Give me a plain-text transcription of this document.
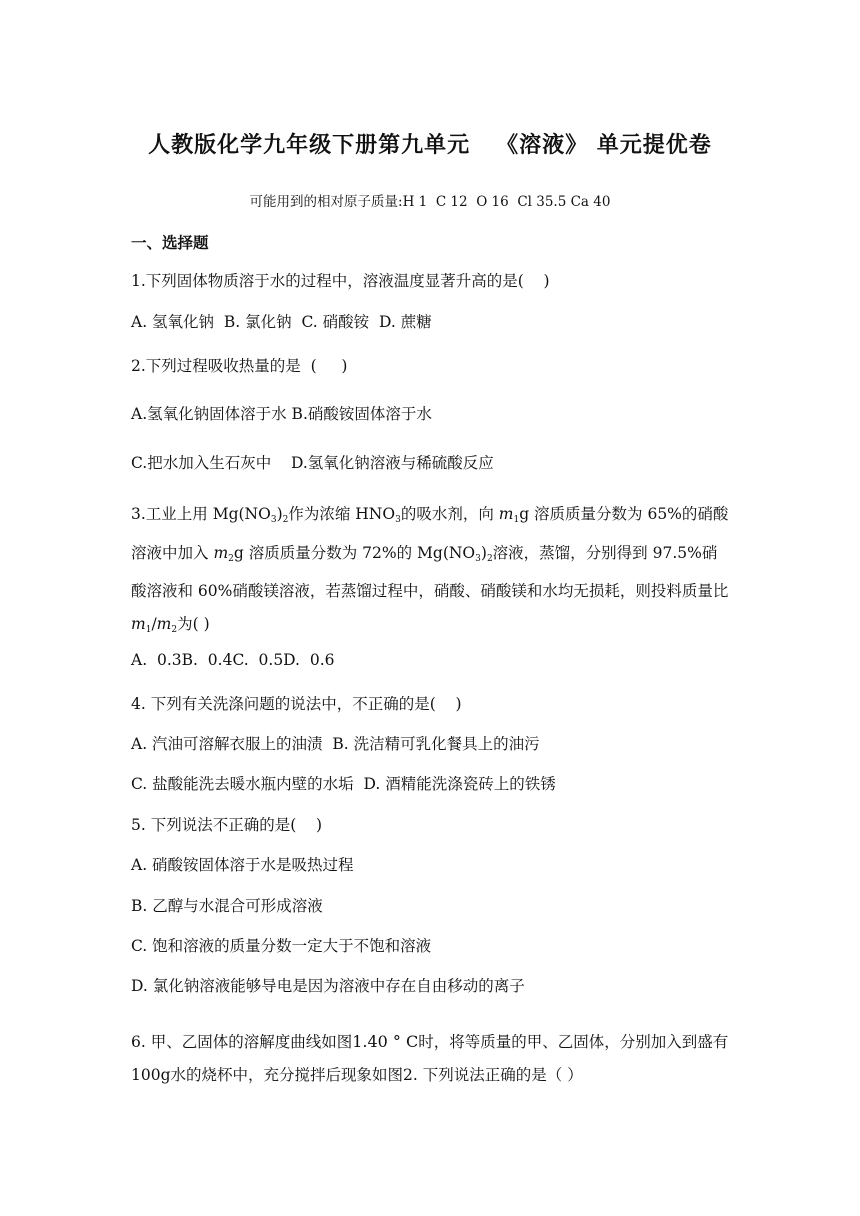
人教版化学九年级下册第九单元   《溶液》 单元提优卷
可能用到的相对原子质量:H 1  C 12  O 16  Cl 35.5 Ca 40
一、选择题
1.下列固体物质溶于水的过程中，溶液温度显著升高的是(    )
A. 氢氧化钠  B. 氯化钠  C. 硝酸铵  D. 蔗糖
2.下列过程吸收热量的是  (     )
A.氢氧化钠固体溶于水 B.硝酸铵固体溶于水
C.把水加入生石灰中    D.氢氧化钠溶液与稀硫酸反应
3.工业上用 $Mg(NO_3)_2$作为浓缩 $HNO_3$的吸水剂，向 $m_1g$ 溶质质量分数为 65%的硝酸溶液中加入 $m_2g$ 溶质质量分数为 72%的 $Mg(NO_3)_2$溶液，蒸馏，分别得到 97.5%硝酸溶液和 60%硝酸镁溶液，若蒸馏过程中，硝酸、硝酸镁和水均无损耗，则投料质量比 $m_1/m_2$为( )
A.  0.3B.  0.4C.  0.5D.  0.6
4. 下列有关洗涤问题的说法中，不正确的是(    )
A. 汽油可溶解衣服上的油渍  B. 洗洁精可乳化餐具上的油污
C. 盐酸能洗去暖水瓶内壁的水垢  D. 酒精能洗涤瓷砖上的铁锈
5. 下列说法不正确的是(    )
A. 硝酸铵固体溶于水是吸热过程
B. 乙醇与水混合可形成溶液
C. 饱和溶液的质量分数一定大于不饱和溶液
D. 氯化钠溶液能够导电是因为溶液中存在自由移动的离子
6. 甲、乙固体的溶解度曲线如图1.40 ° C时，将等质量的甲、乙固体，分别加入到盛有100g水的烧杯中，充分搅拌后现象如图2. 下列说法正确的是（ ）
